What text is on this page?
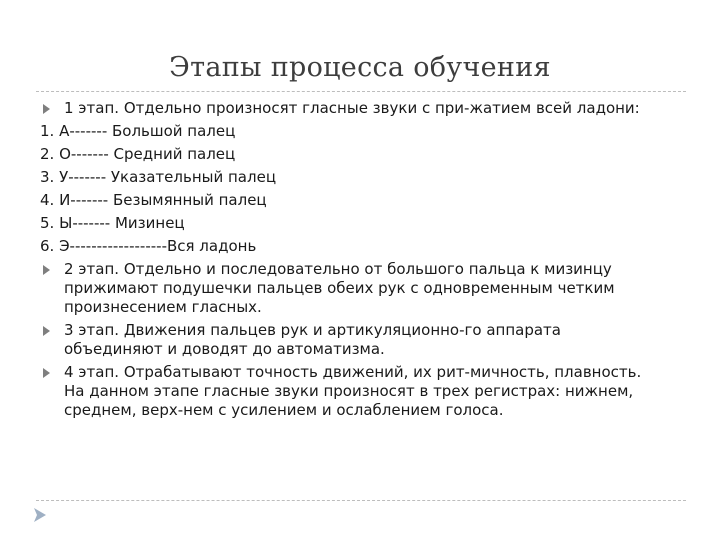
Этапы процесса обучения
1 этап. Отдельно произносят гласные звуки с при-жатием всей ладони:
1. А------- Большой палец
2. О------- Средний палец
3. У------- Указательный палец
4. И------- Безымянный палец
5. Ы------- Мизинец
6. Э------------------Вся ладонь
2 этап. Отдельно и последовательно от большого пальца к мизинцу
прижимают подушечки пальцев обеих рук с одновременным четким
произнесением гласных.
3 этап. Движения пальцев рук и артикуляционно-го аппарата
объединяют и доводят до автоматизма.
4 этап. Отрабатывают точность движений, их рит-мичность, плавность.
На данном этапе гласные звуки произносят в трех регистрах: нижнем,
среднем, верх-нем с усилением и ослаблением голоса.
